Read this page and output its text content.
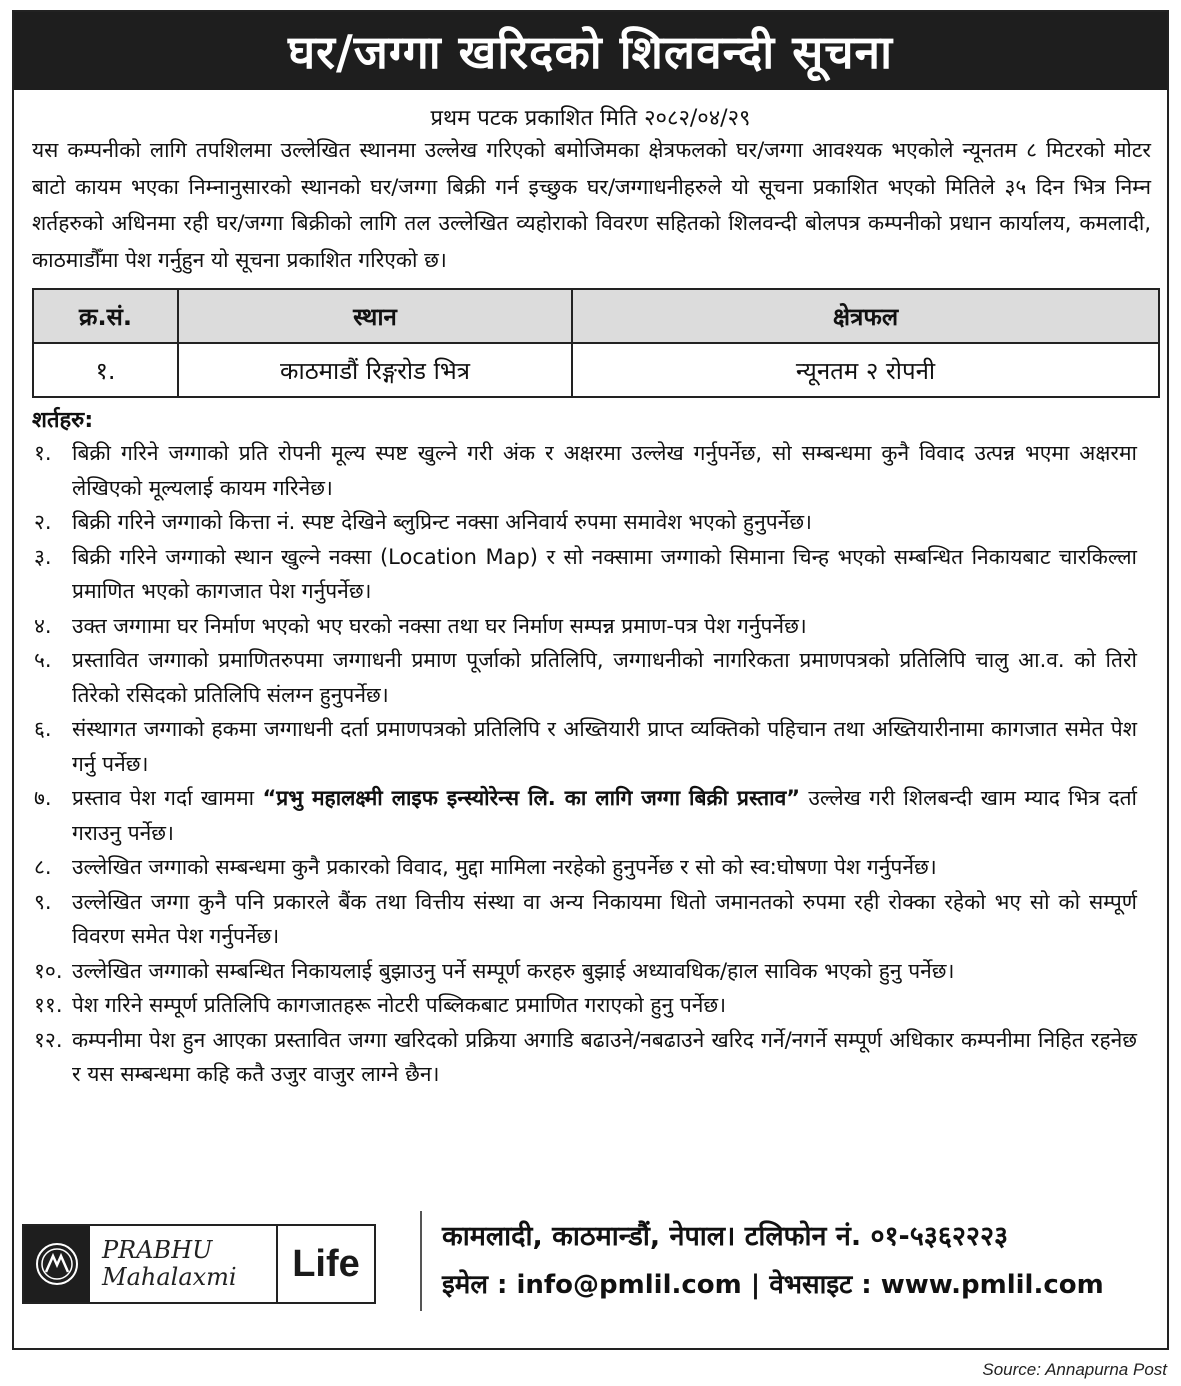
घर/जग्गा खरिदको शिलवन्दी सूचना
प्रथम पटक प्रकाशित मिति २०८२/०४/२९
यस कम्पनीको लागि तपशिलमा उल्लेखित स्थानमा उल्लेख गरिएको बमोजिमका क्षेत्रफलको घर/जग्गा आवश्यक भएकोले न्यूनतम ८ मिटरको मोटर बाटो कायम भएका निम्नानुसारको स्थानको घर/जग्गा बिक्री गर्न इच्छुक घर/जग्गाधनीहरुले यो सूचना प्रकाशित भएको मितिले ३५ दिन भित्र निम्न शर्तहरुको अधिनमा रही घर/जग्गा बिक्रीको लागि तल उल्लेखित व्यहोराको विवरण सहितको शिलवन्दी बोलपत्र कम्पनीको प्रधान कार्यालय, कमलादी, काठमाडौँमा पेश गर्नुहुन यो सूचना प्रकाशित गरिएको छ।
क्र.सं.	स्थान	क्षेत्रफल
१.	काठमाडौं रिङ्गरोड भित्र	न्यूनतम २ रोपनी
शर्तहरु:
१. बिक्री गरिने जग्गाको प्रति रोपनी मूल्य स्पष्ट खुल्ने गरी अंक र अक्षरमा उल्लेख गर्नुपर्नेछ, सो सम्बन्धमा कुनै विवाद उत्पन्न भएमा अक्षरमा लेखिएको मूल्यलाई कायम गरिनेछ।
२. बिक्री गरिने जग्गाको कित्ता नं. स्पष्ट देखिने ब्लुप्रिन्ट नक्सा अनिवार्य रुपमा समावेश भएको हुनुपर्नेछ।
३. बिक्री गरिने जग्गाको स्थान खुल्ने नक्सा (Location Map) र सो नक्सामा जग्गाको सिमाना चिन्ह भएको सम्बन्धित निकायबाट चारकिल्ला प्रमाणित भएको कागजात पेश गर्नुपर्नेछ।
४. उक्त जग्गामा घर निर्माण भएको भए घरको नक्सा तथा घर निर्माण सम्पन्न प्रमाण-पत्र पेश गर्नुपर्नेछ।
५. प्रस्तावित जग्गाको प्रमाणितरुपमा जग्गाधनी प्रमाण पूर्जाको प्रतिलिपि, जग्गाधनीको नागरिकता प्रमाणपत्रको प्रतिलिपि चालु आ.व. को तिरो तिरेको रसिदको प्रतिलिपि संलग्न हुनुपर्नेछ।
६. संस्थागत जग्गाको हकमा जग्गाधनी दर्ता प्रमाणपत्रको प्रतिलिपि र अख्तियारी प्राप्त व्यक्तिको पहिचान तथा अख्तियारीनामा कागजात समेत पेश गर्नु पर्नेछ।
७. प्रस्ताव पेश गर्दा खाममा “प्रभु महालक्ष्मी लाइफ इन्स्योरेन्स लि. का लागि जग्गा बिक्री प्रस्ताव” उल्लेख गरी शिलबन्दी खाम म्याद भित्र दर्ता गराउनु पर्नेछ।
८. उल्लेखित जग्गाको सम्बन्धमा कुनै प्रकारको विवाद, मुद्दा मामिला नरहेको हुनुपर्नेछ र सो को स्व:घोषणा पेश गर्नुपर्नेछ।
९. उल्लेखित जग्गा कुनै पनि प्रकारले बैंक तथा वित्तीय संस्था वा अन्य निकायमा धितो जमानतको रुपमा रही रोक्का रहेको भए सो को सम्पूर्ण विवरण समेत पेश गर्नुपर्नेछ।
१०. उल्लेखित जग्गाको सम्बन्धित निकायलाई बुझाउनु पर्ने सम्पूर्ण करहरु बुझाई अध्यावधिक/हाल साविक भएको हुनु पर्नेछ।
११. पेश गरिने सम्पूर्ण प्रतिलिपि कागजातहरू नोटरी पब्लिकबाट प्रमाणित गराएको हुनु पर्नेछ।
१२. कम्पनीमा पेश हुन आएका प्रस्तावित जग्गा खरिदको प्रक्रिया अगाडि बढाउने/नबढाउने खरिद गर्ने/नगर्ने सम्पूर्ण अधिकार कम्पनीमा निहित रहनेछ र यस सम्बन्धमा कहि कतै उजुर वाजुर लाग्ने छैन।
PRABHU
Mahalaxmi	Life
कामलादी, काठमान्डौं, नेपाल। टलिफोन नं. ०१-५३६२२२३
इमेल : info@pmlil.com | वेभसाइट : www.pmlil.com
Source: Annapurna Post
